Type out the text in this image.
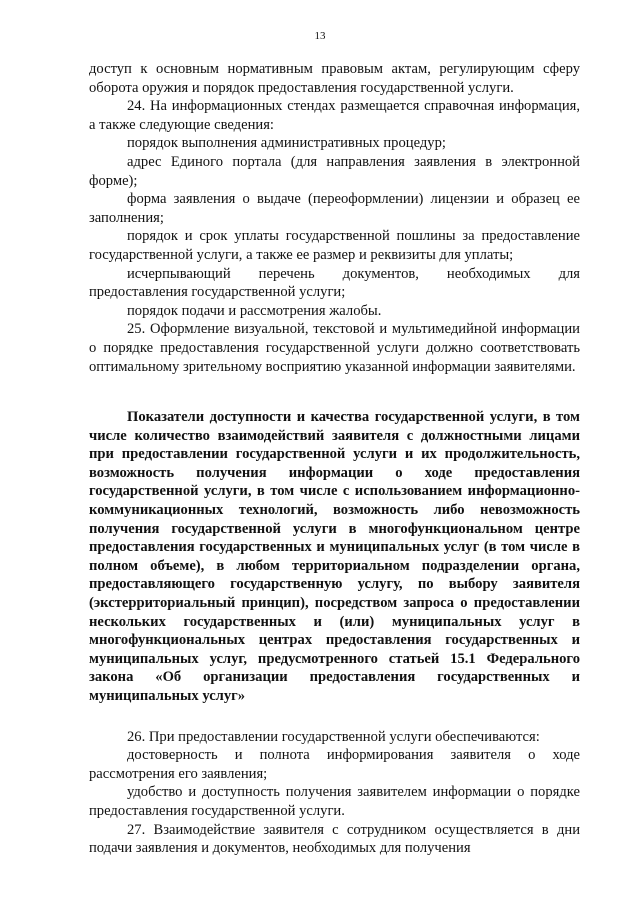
13

доступ к основным нормативным правовым актам, регулирующим сферу оборота оружия и порядок предоставления государственной услуги.

24. На информационных стендах размещается справочная информация, а также следующие сведения:

порядок выполнения административных процедур;

адрес Единого портала (для направления заявления в электронной форме);

форма заявления о выдаче (переоформлении) лицензии и образец ее заполнения;

порядок и срок уплаты государственной пошлины за предоставление государственной услуги, а также ее размер и реквизиты для уплаты;

исчерпывающий перечень документов, необходимых для предоставления государственной услуги;

порядок подачи и рассмотрения жалобы.

25. Оформление визуальной, текстовой и мультимедийной информации о порядке предоставления государственной услуги должно соответствовать оптимальному зрительному восприятию указанной информации заявителями.

Показатели доступности и качества государственной услуги, в том числе количество взаимодействий заявителя с должностными лицами при предоставлении государственной услуги и их продолжительность, возможность получения информации о ходе предоставления государственной услуги, в том числе с использованием информационно-коммуникационных технологий, возможность либо невозможность получения государственной услуги в многофункциональном центре предоставления государственных и муниципальных услуг (в том числе в полном объеме), в любом территориальном подразделении органа, предоставляющего государственную услугу, по выбору заявителя (экстерриториальный принцип), посредством запроса о предоставлении нескольких государственных и (или) муниципальных услуг в многофункциональных центрах предоставления государственных и муниципальных услуг, предусмотренного статьей 15.1 Федерального закона «Об организации предоставления государственных и муниципальных услуг»

26. При предоставлении государственной услуги обеспечиваются:

достоверность и полнота информирования заявителя о ходе рассмотрения его заявления;

удобство и доступность получения заявителем информации о порядке предоставления государственной услуги.

27. Взаимодействие заявителя с сотрудником осуществляется в дни подачи заявления и документов, необходимых для получения
